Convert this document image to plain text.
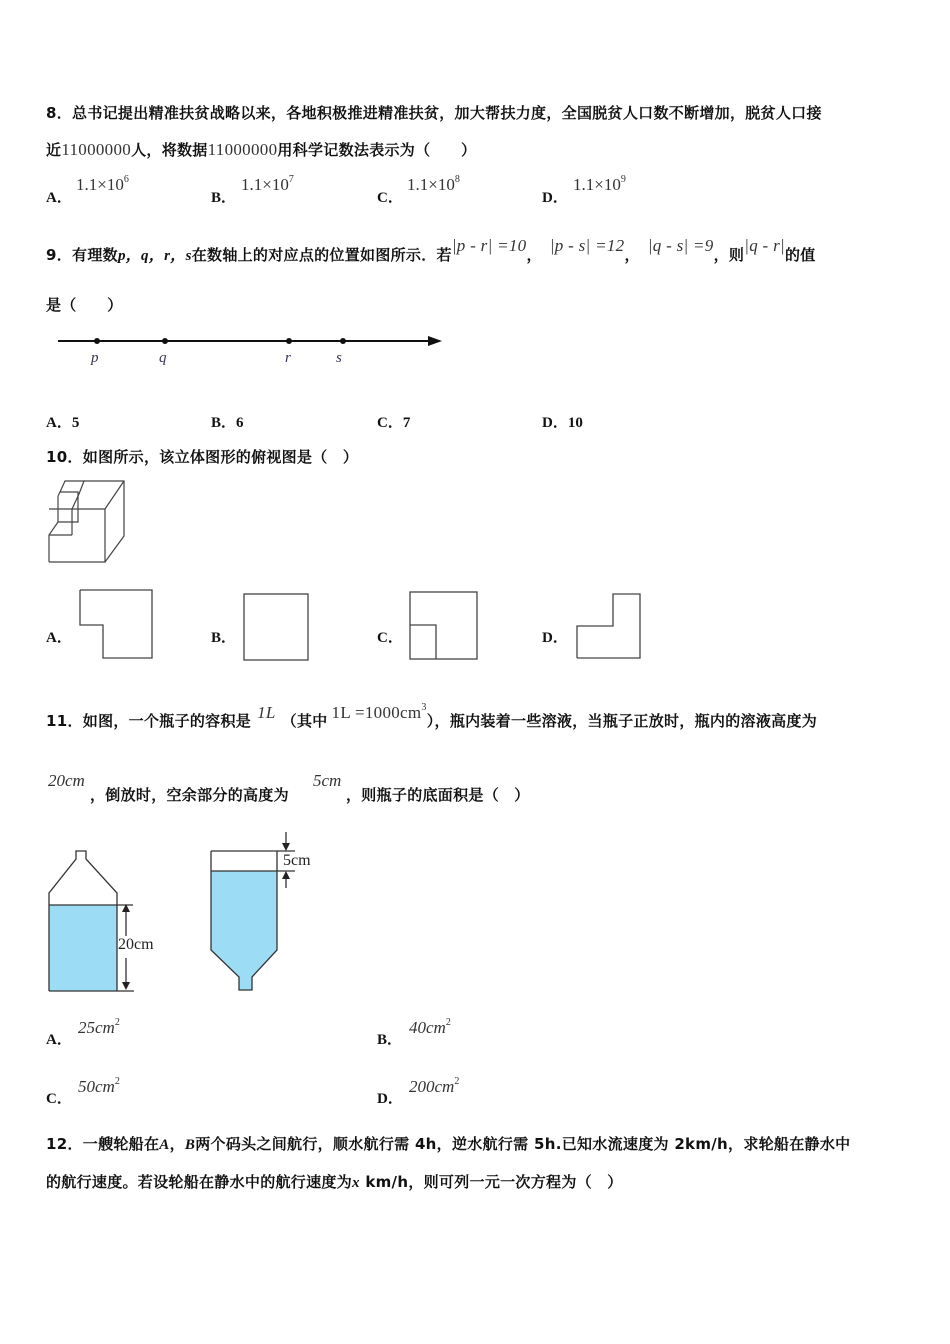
8．总书记提出精准扶贫战略以来，各地积极推进精准扶贫，加大帮扶力度，全国脱贫人口数不断增加，脱贫人口接
近11000000人，将数据11000000用科学记数法表示为（　　）
A．
$1.1\times 10^6$
B．
$1.1\times 10^7$
C．
$1.1\times 10^8$
D．
$1.1\times 10^9$
9．有理数p，q，r，s在数轴上的对应点的位置如图所示．若|p - r| =10， |p - s| =12， |q - s| =9，则|q - r|的值
是（　　）
p	q	r	s
A．5	B．6	C．7	D．10
10．如图所示，该立体图形的俯视图是（　）
A．	B．	C．	D．
11．如图，一个瓶子的容积是 1L （其中 $1L =1000cm^3$），瓶内装着一些溶液，当瓶子正放时，瓶内的溶液高度为
20cm
，倒放时，空余部分的高度为
5cm
，则瓶子的底面积是（　）
20cm
5cm
A．
$25cm^2$
B．
$40cm^2$
C．
$50cm^2$
D．
$200cm^2$
12．一艘轮船在A，B两个码头之间航行，顺水航行需 4h，逆水航行需 5h.已知水流速度为 2km/h，求轮船在静水中
的航行速度。若设轮船在静水中的航行速度为x km/h，则可列一元一次方程为（　）
